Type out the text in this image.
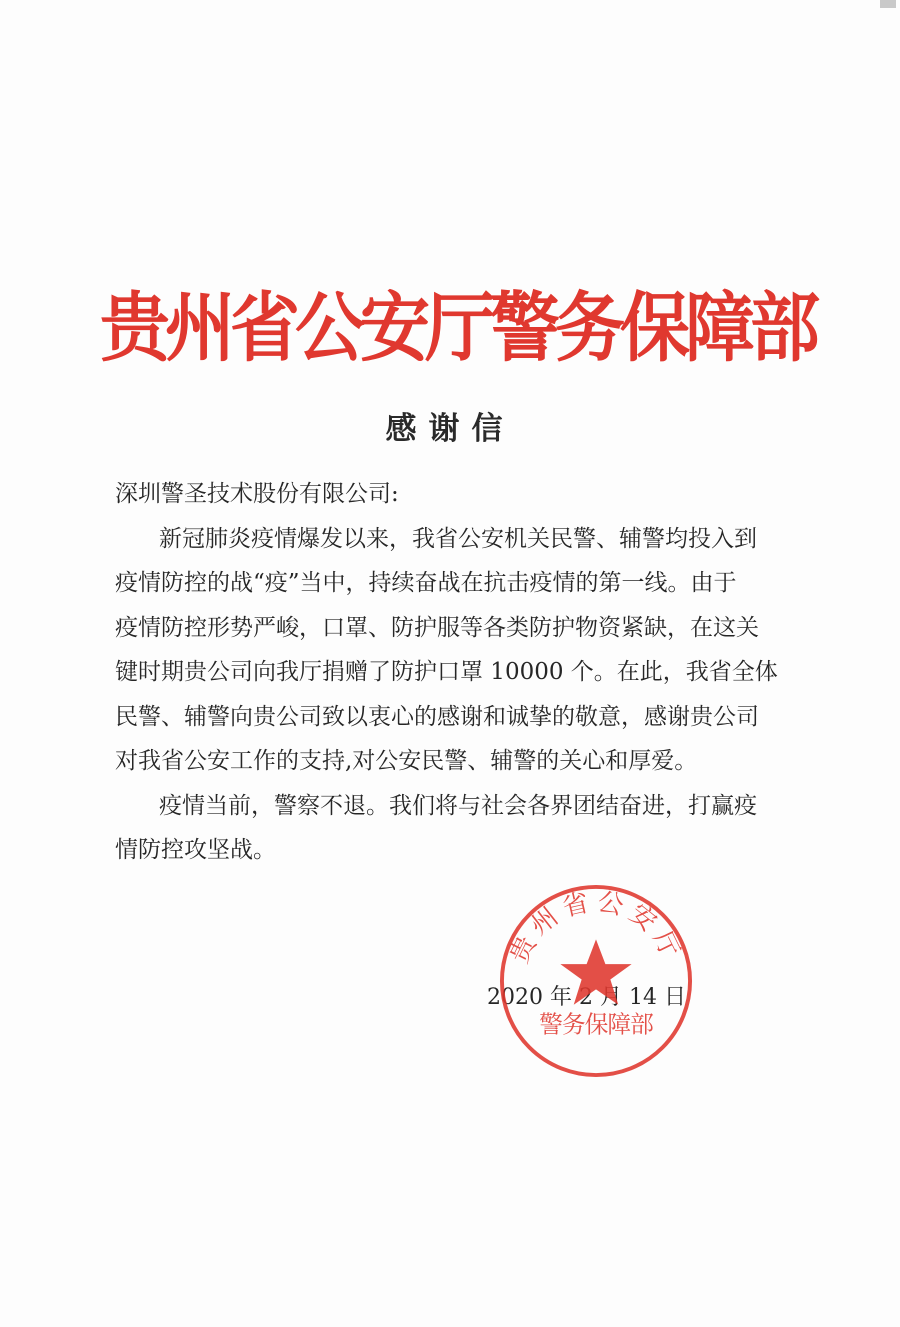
贵州省公安厅警务保障部
感谢信

深圳警圣技术股份有限公司:

新冠肺炎疫情爆发以来，我省公安机关民警、辅警均投入到
疫情防控的战“疫”当中，持续奋战在抗击疫情的第一线。由于
疫情防控形势严峻，口罩、防护服等各类防护物资紧缺，在这关
键时期贵公司向我厅捐赠了防护口罩 10000 个。在此，我省全体
民警、辅警向贵公司致以衷心的感谢和诚挚的敬意，感谢贵公司
对我省公安工作的支持,对公安民警、辅警的关心和厚爱。
疫情当前，警察不退。我们将与社会各界团结奋进，打赢疫
情防控攻坚战。
2020 年 2 月 14 日
贵州省公安厅
警务保障部
